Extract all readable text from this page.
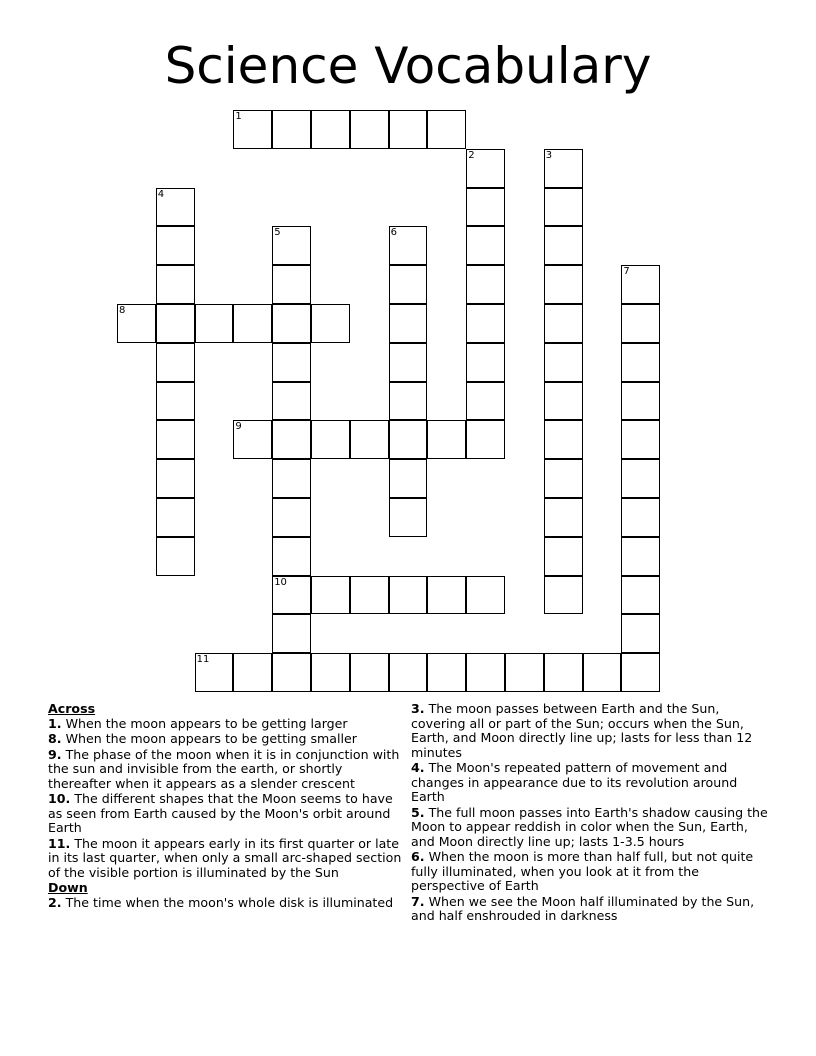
Science Vocabulary
1
2	3
4
5
10
6
7
8
9
11
Across
1. When the moon appears to be getting larger
8. When the moon appears to be getting smaller
9. The phase of the moon when it is in conjunction with the sun and invisible from the earth, or shortly thereafter when it appears as a slender crescent
10. The different shapes that the Moon seems to have as seen from Earth caused by the Moon's orbit around Earth
11. The moon it appears early in its first quarter or late in its last quarter, when only a small arc-shaped section of the visible portion is illuminated by the Sun
Down
2. The time when the moon's whole disk is illuminated
3. The moon passes between Earth and the Sun, covering all or part of the Sun; occurs when the Sun, Earth, and Moon directly line up; lasts for less than 12 minutes
4. The Moon's repeated pattern of movement and changes in appearance due to its revolution around Earth
5. The full moon passes into Earth's shadow causing the Moon to appear reddish in color when the Sun, Earth, and Moon directly line up; lasts 1-3.5 hours
6. When the moon is more than half full, but not quite fully illuminated, when you look at it from the perspective of Earth
7. When we see the Moon half illuminated by the Sun, and half enshrouded in darkness
